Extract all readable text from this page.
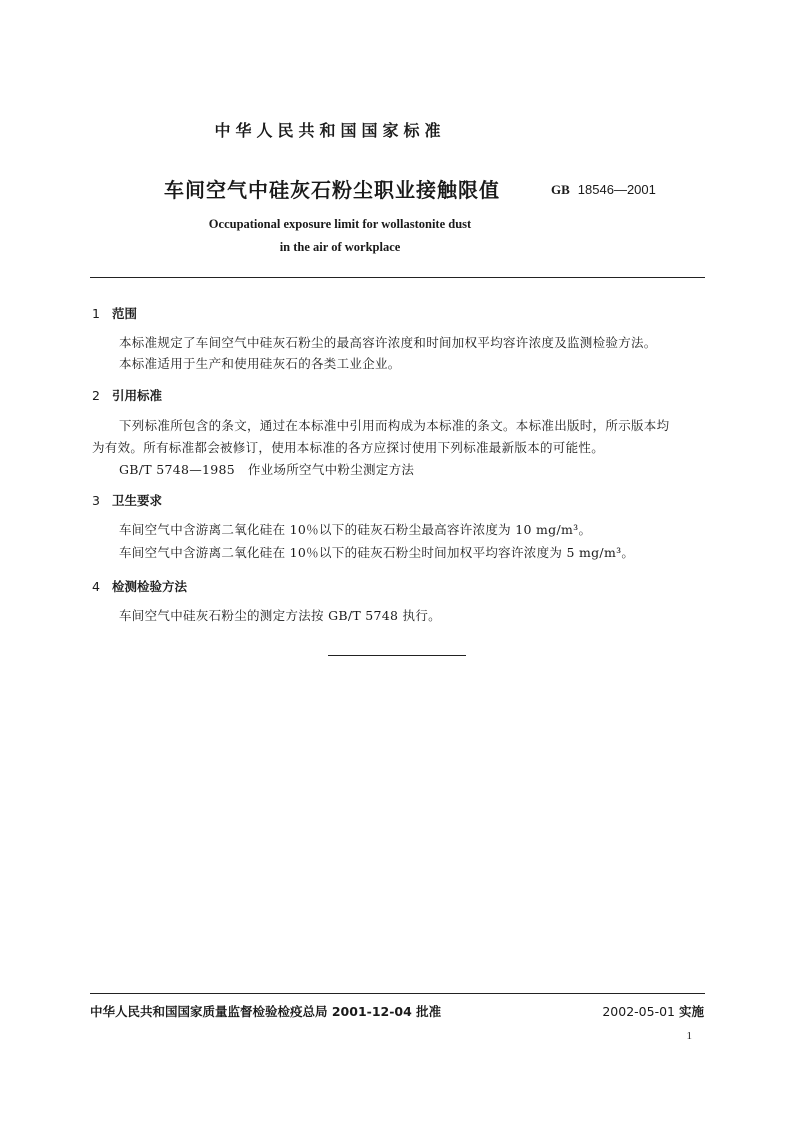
中华人民共和国国家标准
车间空气中硅灰石粉尘职业接触限值	GB 18546—2001
Occupational exposure limit for wollastonite dust
in the air of workplace
1 范围
本标准规定了车间空气中硅灰石粉尘的最高容许浓度和时间加权平均容许浓度及监测检验方法。
本标准适用于生产和使用硅灰石的各类工业企业。
2 引用标准
下列标准所包含的条文，通过在本标准中引用而构成为本标准的条文。本标准出版时，所示版本均
为有效。所有标准都会被修订，使用本标准的各方应探讨使用下列标准最新版本的可能性。
GB/T 5748—1985　作业场所空气中粉尘测定方法
3 卫生要求
车间空气中含游离二氧化硅在 10％以下的硅灰石粉尘最高容许浓度为 10 mg/m³。
车间空气中含游离二氧化硅在 10％以下的硅灰石粉尘时间加权平均容许浓度为 5 mg/m³。
4 检测检验方法
车间空气中硅灰石粉尘的测定方法按 GB/T 5748 执行。
中华人民共和国国家质量监督检验检疫总局 2001-12-04 批准	2002-05-01 实施
1
